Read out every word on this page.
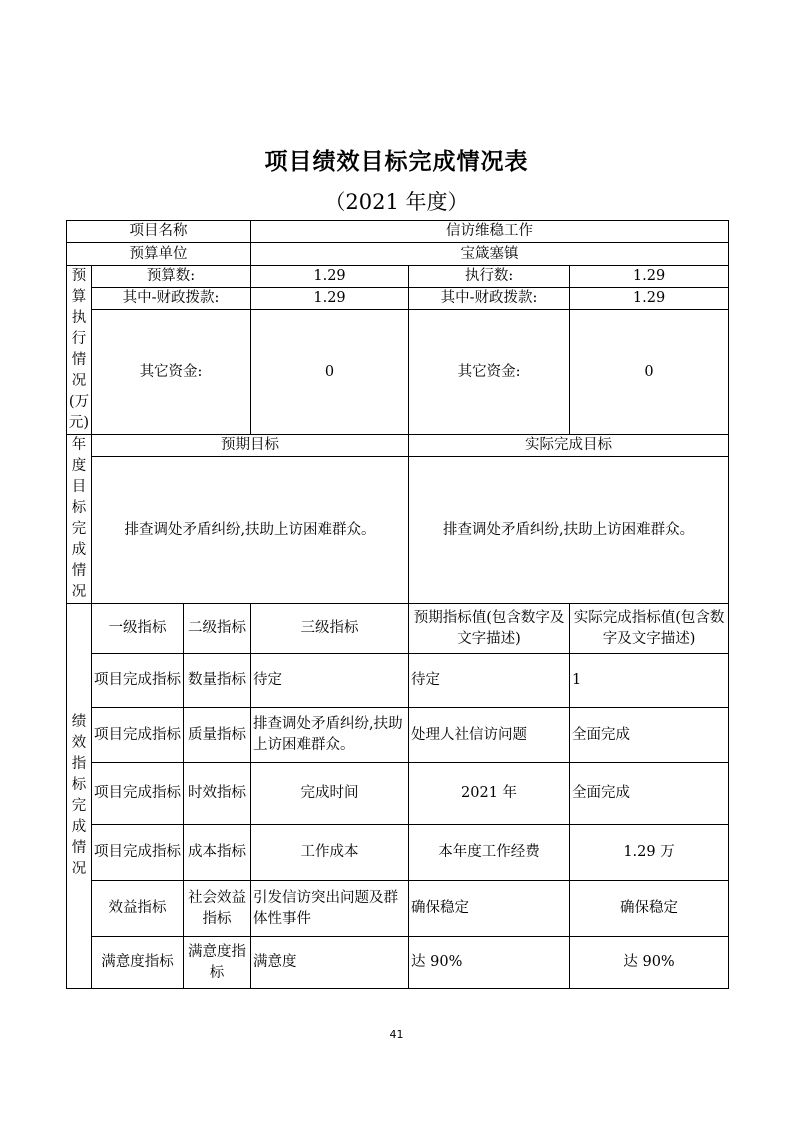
项目绩效目标完成情况表
（2021 年度）
项目名称			信访维稳工作		
预算单位			宝箴塞镇		
预算执行情况(万元)	预算数:		1.29	执行数:	1.29
	其中-财政拨款:		1.29	其中-财政拨款:	1.29
	其它资金:		0	其它资金:	0
年度目标完成情况	预期目标			实际完成目标	
	排查调处矛盾纠纷,扶助上访困难群众。			排查调处矛盾纠纷,扶助上访困难群众。	
绩效指标完成情况	一级指标	二级指标	三级指标	预期指标值(包含数字及文字描述)	实际完成指标值(包含数字及文字描述)
	项目完成指标	数量指标	待定	待定	1
	项目完成指标	质量指标	排查调处矛盾纠纷,扶助上访困难群众。	处理人社信访问题	全面完成
	项目完成指标	时效指标	完成时间	2021 年	全面完成
	项目完成指标	成本指标	工作成本	本年度工作经费	1.29 万
	效益指标	社会效益指标	引发信访突出问题及群体性事件	确保稳定	确保稳定
	满意度指标	满意度指标	满意度	达 90%	达 90%
41
